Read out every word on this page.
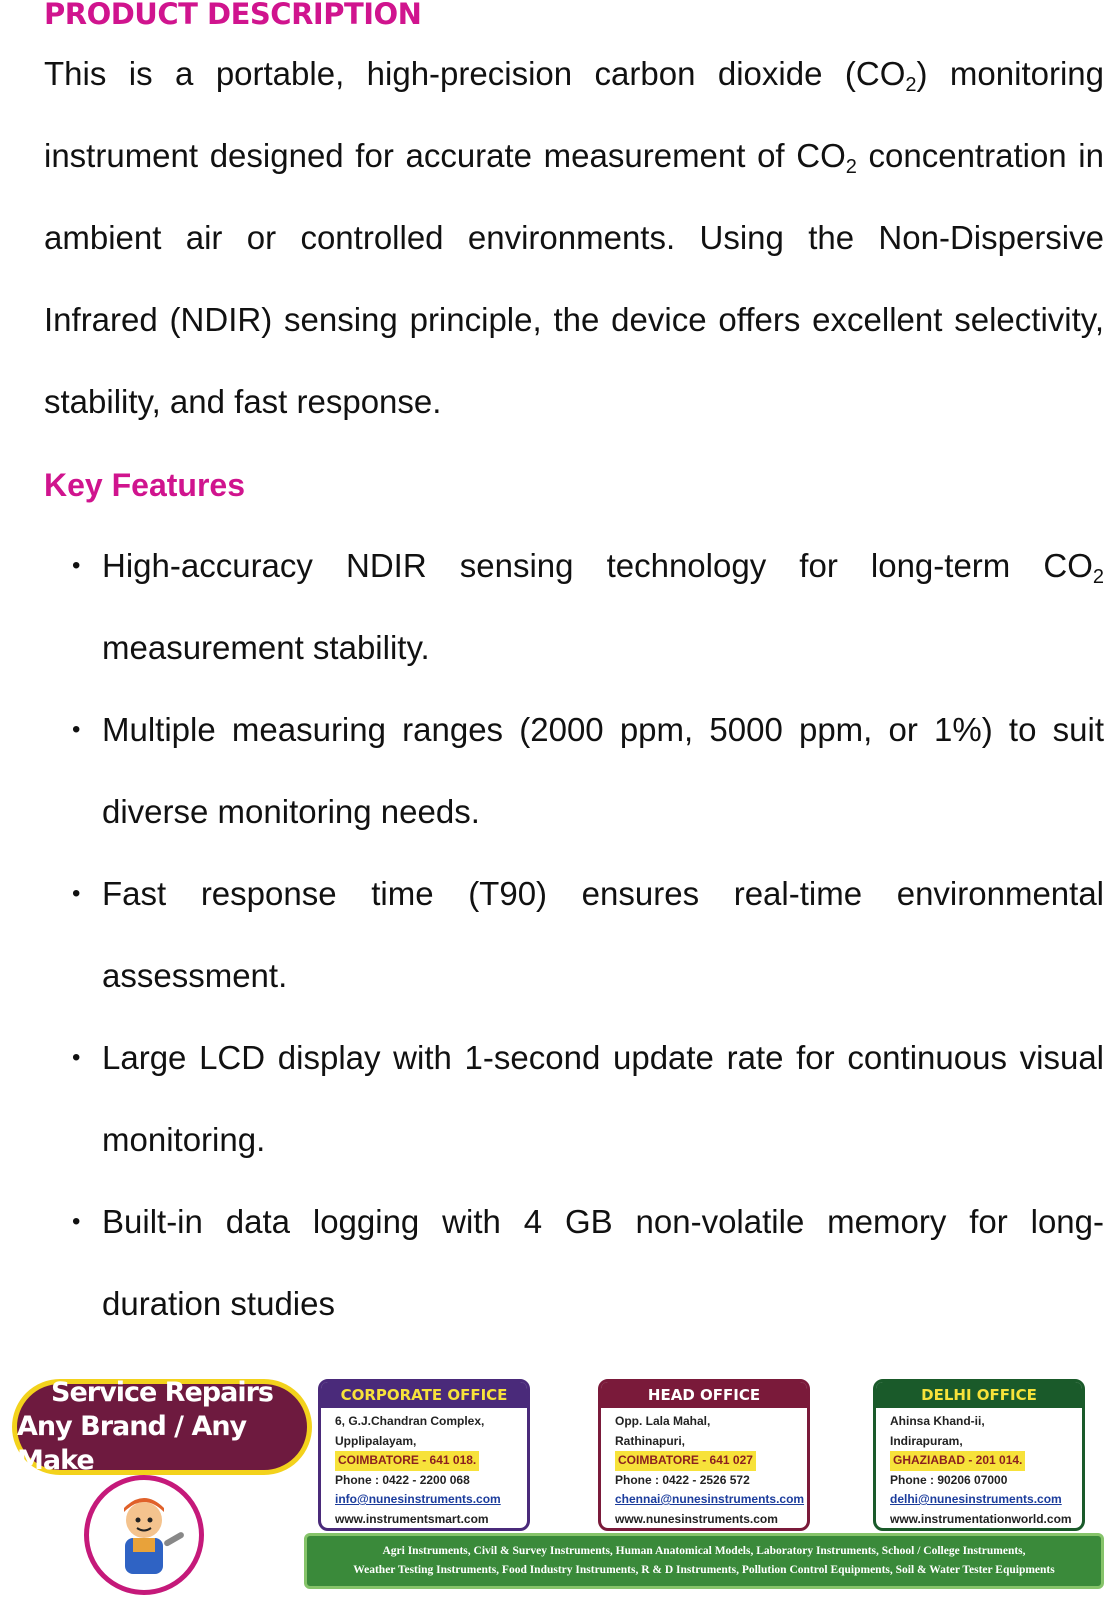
PRODUCT DESCRIPTION
This is a portable, high-precision carbon dioxide $(CO_2)$ monitoring
instrument designed for accurate measurement of $CO_2$ concentration in
ambient air or controlled environments. Using the Non-Dispersive
Infrared (NDIR) sensing principle, the device offers excellent selectivity,
stability, and fast response.
Key Features
• High-accuracy NDIR sensing technology for long-term $CO_2$
measurement stability.
• Multiple measuring ranges (2000 ppm, 5000 ppm, or 1%) to suit
diverse monitoring needs.
• Fast response time (T90) ensures real-time environmental
assessment.
• Large LCD display with 1-second update rate for continuous visual
monitoring.
• Built-in data logging with 4 GB non-volatile memory for long-
duration studies
Service Repairs
Any Brand / Any Make
CORPORATE OFFICE
6, G.J.Chandran Complex,
Upplipalayam,
COIMBATORE - 641 018.
Phone : 0422 - 2200 068
info@nunesinstruments.com
www.instrumentsmart.com
HEAD OFFICE
Opp. Lala Mahal,
Rathinapuri,
COIMBATORE - 641 027
Phone : 0422 - 2526 572
chennai@nunesinstruments.com
www.nunesinstruments.com
DELHI OFFICE
Ahinsa Khand-ii,
Indirapuram,
GHAZIABAD - 201 014.
Phone : 90206 07000
delhi@nunesinstruments.com
www.instrumentationworld.com
Agri Instruments, Civil & Survey Instruments, Human Anatomical Models, Laboratory Instruments, School / College Instruments,
Weather Testing Instruments, Food Industry Instruments, R & D Instruments, Pollution Control Equipments, Soil & Water Tester Equipments
